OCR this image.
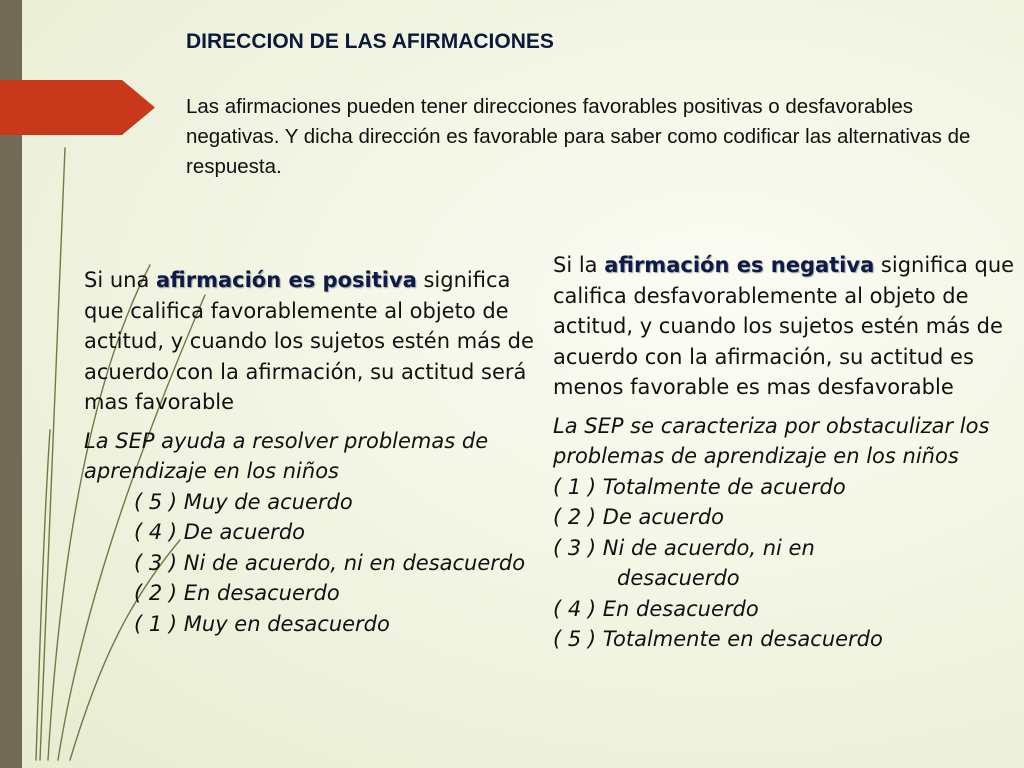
DIRECCION DE LAS AFIRMACIONES

Las afirmaciones pueden tener direcciones favorables positivas o desfavorables negativas. Y dicha dirección es favorable para saber como codificar las alternativas de respuesta.

Si una afirmación es positiva significa que califica favorablemente al objeto de actitud, y cuando los sujetos estén más de acuerdo con la afirmación, su actitud será mas favorable

La SEP ayuda a resolver problemas de aprendizaje en los niños
( 5 ) Muy de acuerdo
( 4 ) De acuerdo
( 3 ) Ni de acuerdo, ni en desacuerdo
( 2 ) En desacuerdo
( 1 ) Muy en desacuerdo

Si la afirmación es negativa significa que califica desfavorablemente al objeto de actitud, y cuando los sujetos estén más de acuerdo con la afirmación, su actitud es menos favorable es mas desfavorable

La SEP se caracteriza por obstaculizar los problemas de aprendizaje en los niños
( 1 ) Totalmente de acuerdo
( 2 ) De acuerdo
( 3 ) Ni de acuerdo, ni en
desacuerdo
( 4 ) En desacuerdo
( 5 ) Totalmente en desacuerdo
